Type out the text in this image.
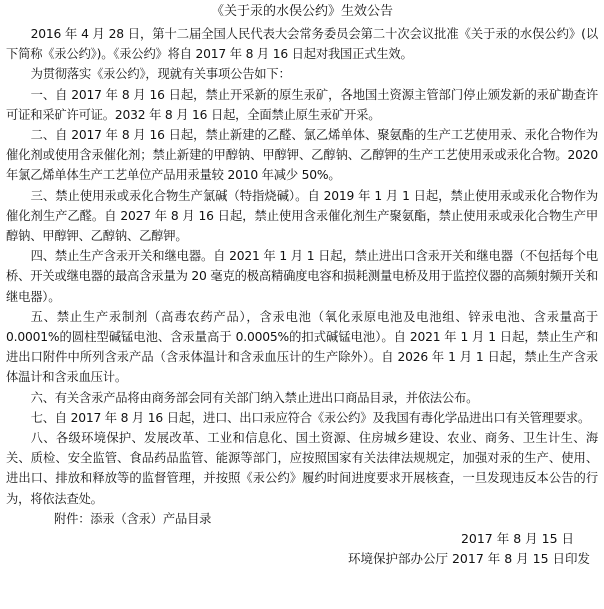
《关于汞的水俣公约》生效公告

2016 年 4 月 28 日，第十二届全国人民代表大会常务委员会第二十次会议批准《关于汞的水俣公约》(以下简称《汞公约》)。《汞公约》将自 2017 年 8 月 16 日起对我国正式生效。

为贯彻落实《汞公约》，现就有关事项公告如下：

一、自 2017 年 8 月 16 日起，禁止开采新的原生汞矿，各地国土资源主管部门停止颁发新的汞矿勘查许可证和采矿许可证。2032 年 8 月 16 日起，全面禁止原生汞矿开采。

二、自 2017 年 8 月 16 日起，禁止新建的乙醛、氯乙烯单体、聚氨酯的生产工艺使用汞、汞化合物作为催化剂或使用含汞催化剂；禁止新建的甲醇钠、甲醇钾、乙醇钠、乙醇钾的生产工艺使用汞或汞化合物。2020 年氯乙烯单体生产工艺单位产品用汞量较 2010 年减少 50%。

三、禁止使用汞或汞化合物生产氯碱（特指烧碱）。自 2019 年 1 月 1 日起，禁止使用汞或汞化合物作为催化剂生产乙醛。自 2027 年 8 月 16 日起，禁止使用含汞催化剂生产聚氨酯，禁止使用汞或汞化合物生产甲醇钠、甲醇钾、乙醇钠、乙醇钾。

四、禁止生产含汞开关和继电器。自 2021 年 1 月 1 日起，禁止进出口含汞开关和继电器（不包括每个电桥、开关或继电器的最高含汞量为 20 毫克的极高精确度电容和损耗测量电桥及用于监控仪器的高频射频开关和继电器）。

五、禁止生产汞制剂（高毒农药产品），含汞电池（氧化汞原电池及电池组、锌汞电池、含汞量高于 0.0001%的圆柱型碱锰电池、含汞量高于 0.0005%的扣式碱锰电池）。自 2021 年 1 月 1 日起，禁止生产和进出口附件中所列含汞产品（含汞体温计和含汞血压计的生产除外）。自 2026 年 1 月 1 日起，禁止生产含汞体温计和含汞血压计。

六、有关含汞产品将由商务部会同有关部门纳入禁止进出口商品目录，并依法公布。

七、自 2017 年 8 月 16 日起，进口、出口汞应符合《汞公约》及我国有毒化学品进出口有关管理要求。

八、各级环境保护、发展改革、工业和信息化、国土资源、住房城乡建设、农业、商务、卫生计生、海关、质检、安全监管、食品药品监管、能源等部门，应按照国家有关法律法规规定，加强对汞的生产、使用、进出口、排放和释放等的监督管理，并按照《汞公约》履约时间进度要求开展核查，一旦发现违反本公告的行为，将依法查处。

附件：添汞（含汞）产品目录

2017 年 8 月 15 日
环境保护部办公厅 2017 年 8 月 15 日印发
